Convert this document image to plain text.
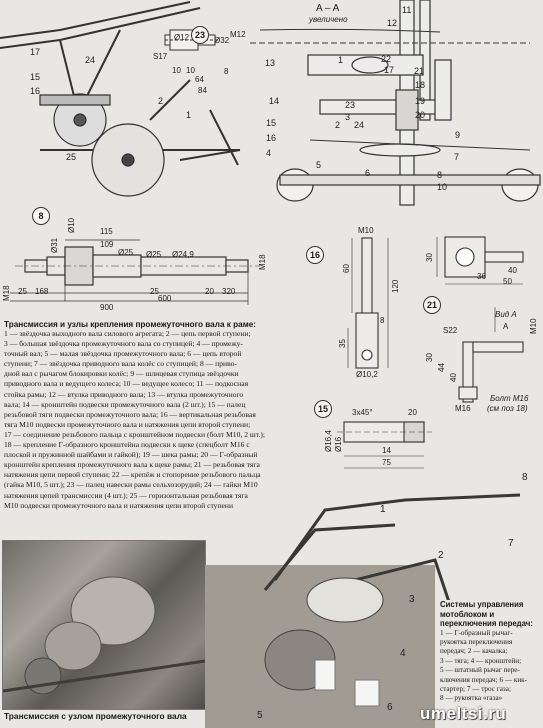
17
15
16
24
2
1
25
23
Ø12	Ø32
M12
S17
10 10
64
84
8
A – A
увеличено	12
11
13	22
17
18
19
20
14	23
3
15
16	9
4
5
6	8
10
2
1
7
21
24
8
Ø10
M18
Ø31	Ø25	Ø24,9
Ø25	M18
115
109
168	25	20 320
600
900
25
16
M10
60
120
35
Ø10,2
8
21
30
40
36
50
S22	M10
Вид А
A
30
44
40
M16
Болт М16
(см поз 18)
15	3х45°	20
Ø16,4 Ø16	14
75
Трансмиссия и узлы крепления промежуточного вала к раме:
1 — звёздочка выходного вала силового агрегата; 2 — цепь первой ступени;
3 — большая звёздочка промежуточного вала со ступицей; 4 — промежу-
точный вал; 5 — малая звёздочка промежуточного вала; 6 — цепь второй
ступени; 7 — звёздочка приводного вала колёс со ступицей; 8 — приво-
дной вал с рычагом блокировки колёс; 9 — шлицевая ступица звёздочки
приводного вала и ведущего колеса; 10 — ведущее колесо; 11 — подкосная
стойка рамы; 12 — втулка приводного вала; 13 — втулка промежуточного
вала; 14 — кронштейн подвески промежуточного вала (2 шт.); 15 — палец
резьбовой тяги подвески промежуточного вала; 16 — вертикальная резьбовая
тяга М10 подвески промежуточного вала и натяжения цепи второй ступени;
17 — соединение резьбового пальца с кронштейном подвески (болт М10, 2 шт.);
18 — крепление Г-образного кронштейна подвески к щеке (спецболт М16 с
плоской и пружинной шайбами и гайкой); 19 — шека рамы; 20 — Г-образный
кронштейн крепления промежуточного вала к щеке рамы; 21 — резьбовая тяга
натяжения цепи первой ступени; 22 — крепёж и стопорение резьбового пальца
(гайка М10, 5 шт.); 23 — палец навески рамы сельхозорудий; 24 — гайки М10
натяжения цепей трансмиссии (4 шт.); 25 — горизонтальная резьбовая тяга
М10 подвески промежуточного вала и натяжения цепи второй ступени
Трансмиссия с узлом промежуточного вала
8
7
1
2
3
4
5
6
Системы управления мотоблоком и переключения передач:
1 — Г-образный рычаг-
рукоятка переключения
передач; 2 — качалка;
3 — тяга; 4 — кронштейн;
5 — штатный рычаг пере-
ключения передач; 6 — кик-
стартер; 7 — трос газа;
8 — рукоятка «газа»
umeltsi.ru
